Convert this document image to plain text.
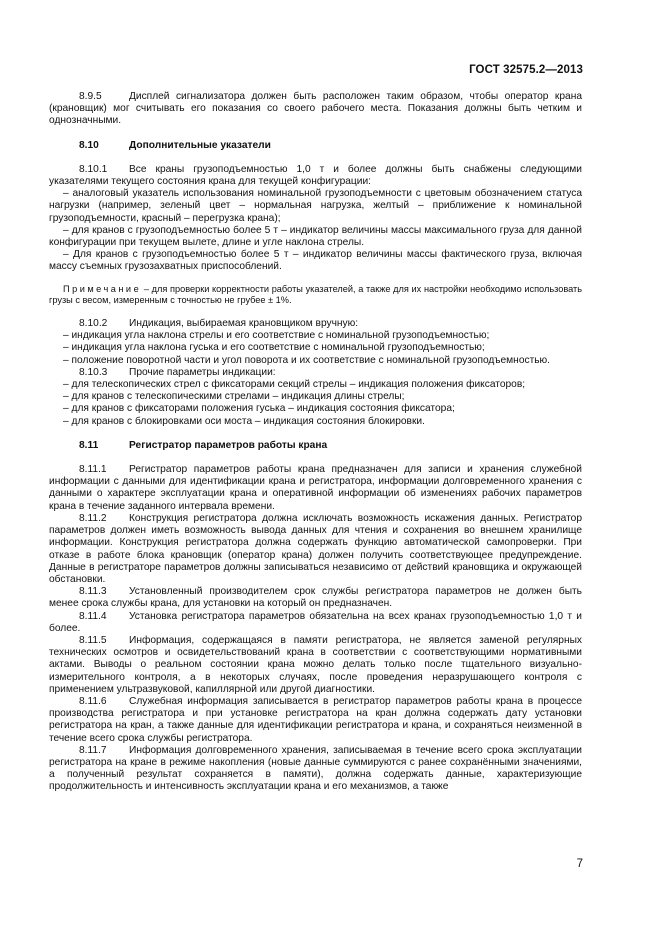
ГОСТ 32575.2—2013

8.9.5	Дисплей сигнализатора должен быть расположен таким образом, чтобы оператор крана (крановщик) мог считывать его показания со своего рабочего места. Показания должны быть четким и однозначными.

8.10	Дополнительные указатели

8.10.1 Все краны грузоподъемностью 1,0 т и более должны быть снабжены следующими указателями текущего состояния крана для текущей конфигурации:

– аналоговый указатель использования номинальной грузоподъемности с цветовым обозначением статуса нагрузки (например, зеленый цвет – нормальная нагрузка, желтый – приближение к номинальной грузоподъемности, красный – перегрузка крана);

– для кранов с грузоподъемностью более 5 т – индикатор величины массы максимального груза для данной конфигурации при текущем вылете, длине и угле наклона стрелы.

– Для кранов с грузоподъемностью более 5 т – индикатор величины массы фактического груза, включая массу съемных грузозахватных приспособлений.

Примечание – для проверки корректности работы указателей, а также для их настройки необходимо использовать грузы с весом, измеренным с точностью не грубее ± 1%.

8.10.2 Индикация, выбираемая крановщиком вручную:

– индикация угла наклона стрелы и его соответствие с номинальной грузоподъемностью;

– индикация угла наклона гуська и его соответствие с номинальной грузоподъемностью;

– положение поворотной части и угол поворота и их соответствие с номинальной грузоподъемностью.

8.10.3 Прочие параметры индикации:

– для телескопических стрел с фиксаторами секций стрелы – индикация положения фиксаторов;

– для кранов с телескопическими стрелами – индикация длины стрелы;

– для кранов с фиксаторами положения гуська – индикация состояния фиксатора;

– для кранов с блокировками оси моста – индикация состояния блокировки.

8.11	Регистратор параметров работы крана

8.11.1 Регистратор параметров работы крана предназначен для записи и хранения служебной информации с данными для идентификации крана и регистратора, информации долговременного хранения с данными о характере эксплуатации крана и оперативной информации об изменениях рабочих параметров крана в течение заданного интервала времени.

8.11.2 Конструкция регистратора должна исключать возможность искажения данных. Регистратор параметров должен иметь возможность вывода данных для чтения и сохранения во внешнем хранилище информации. Конструкция регистратора должна содержать функцию автоматической самопроверки. При отказе в работе блока крановщик (оператор крана) должен получить соответствующее предупреждение. Данные в регистраторе параметров должны записываться независимо от действий крановщика и окружающей обстановки.

8.11.3 Установленный производителем срок службы регистратора параметров не должен быть менее срока службы крана, для установки на который он предназначен.

8.11.4 Установка регистратора параметров обязательна на всех кранах грузоподъемностью 1,0 т и более.

8.11.5 Информация, содержащаяся в памяти регистратора, не является заменой регулярных технических осмотров и освидетельствований крана в соответствии с соответствующими нормативными актами. Выводы о реальном состоянии крана можно делать только после тщательного визуально-измерительного контроля, а в некоторых случаях, после проведения неразрушающего контроля с применением ультразвуковой, капиллярной или другой диагностики.

8.11.6 Служебная информация записывается в регистратор параметров работы крана в процессе производства регистратора и при установке регистратора на кран должна содержать дату установки регистратора на кран, а также данные для идентификации регистратора и крана, и сохраняться неизменной в течение всего срока службы регистратора.

8.11.7 Информация долговременного хранения, записываемая в течение всего срока эксплуатации регистратора на кране в режиме накопления (новые данные суммируются с ранее сохранёнными значениями, а полученный результат сохраняется в памяти), должна содержать данные, характеризующие продолжительность и интенсивность эксплуатации крана и его механизмов, а также

7
